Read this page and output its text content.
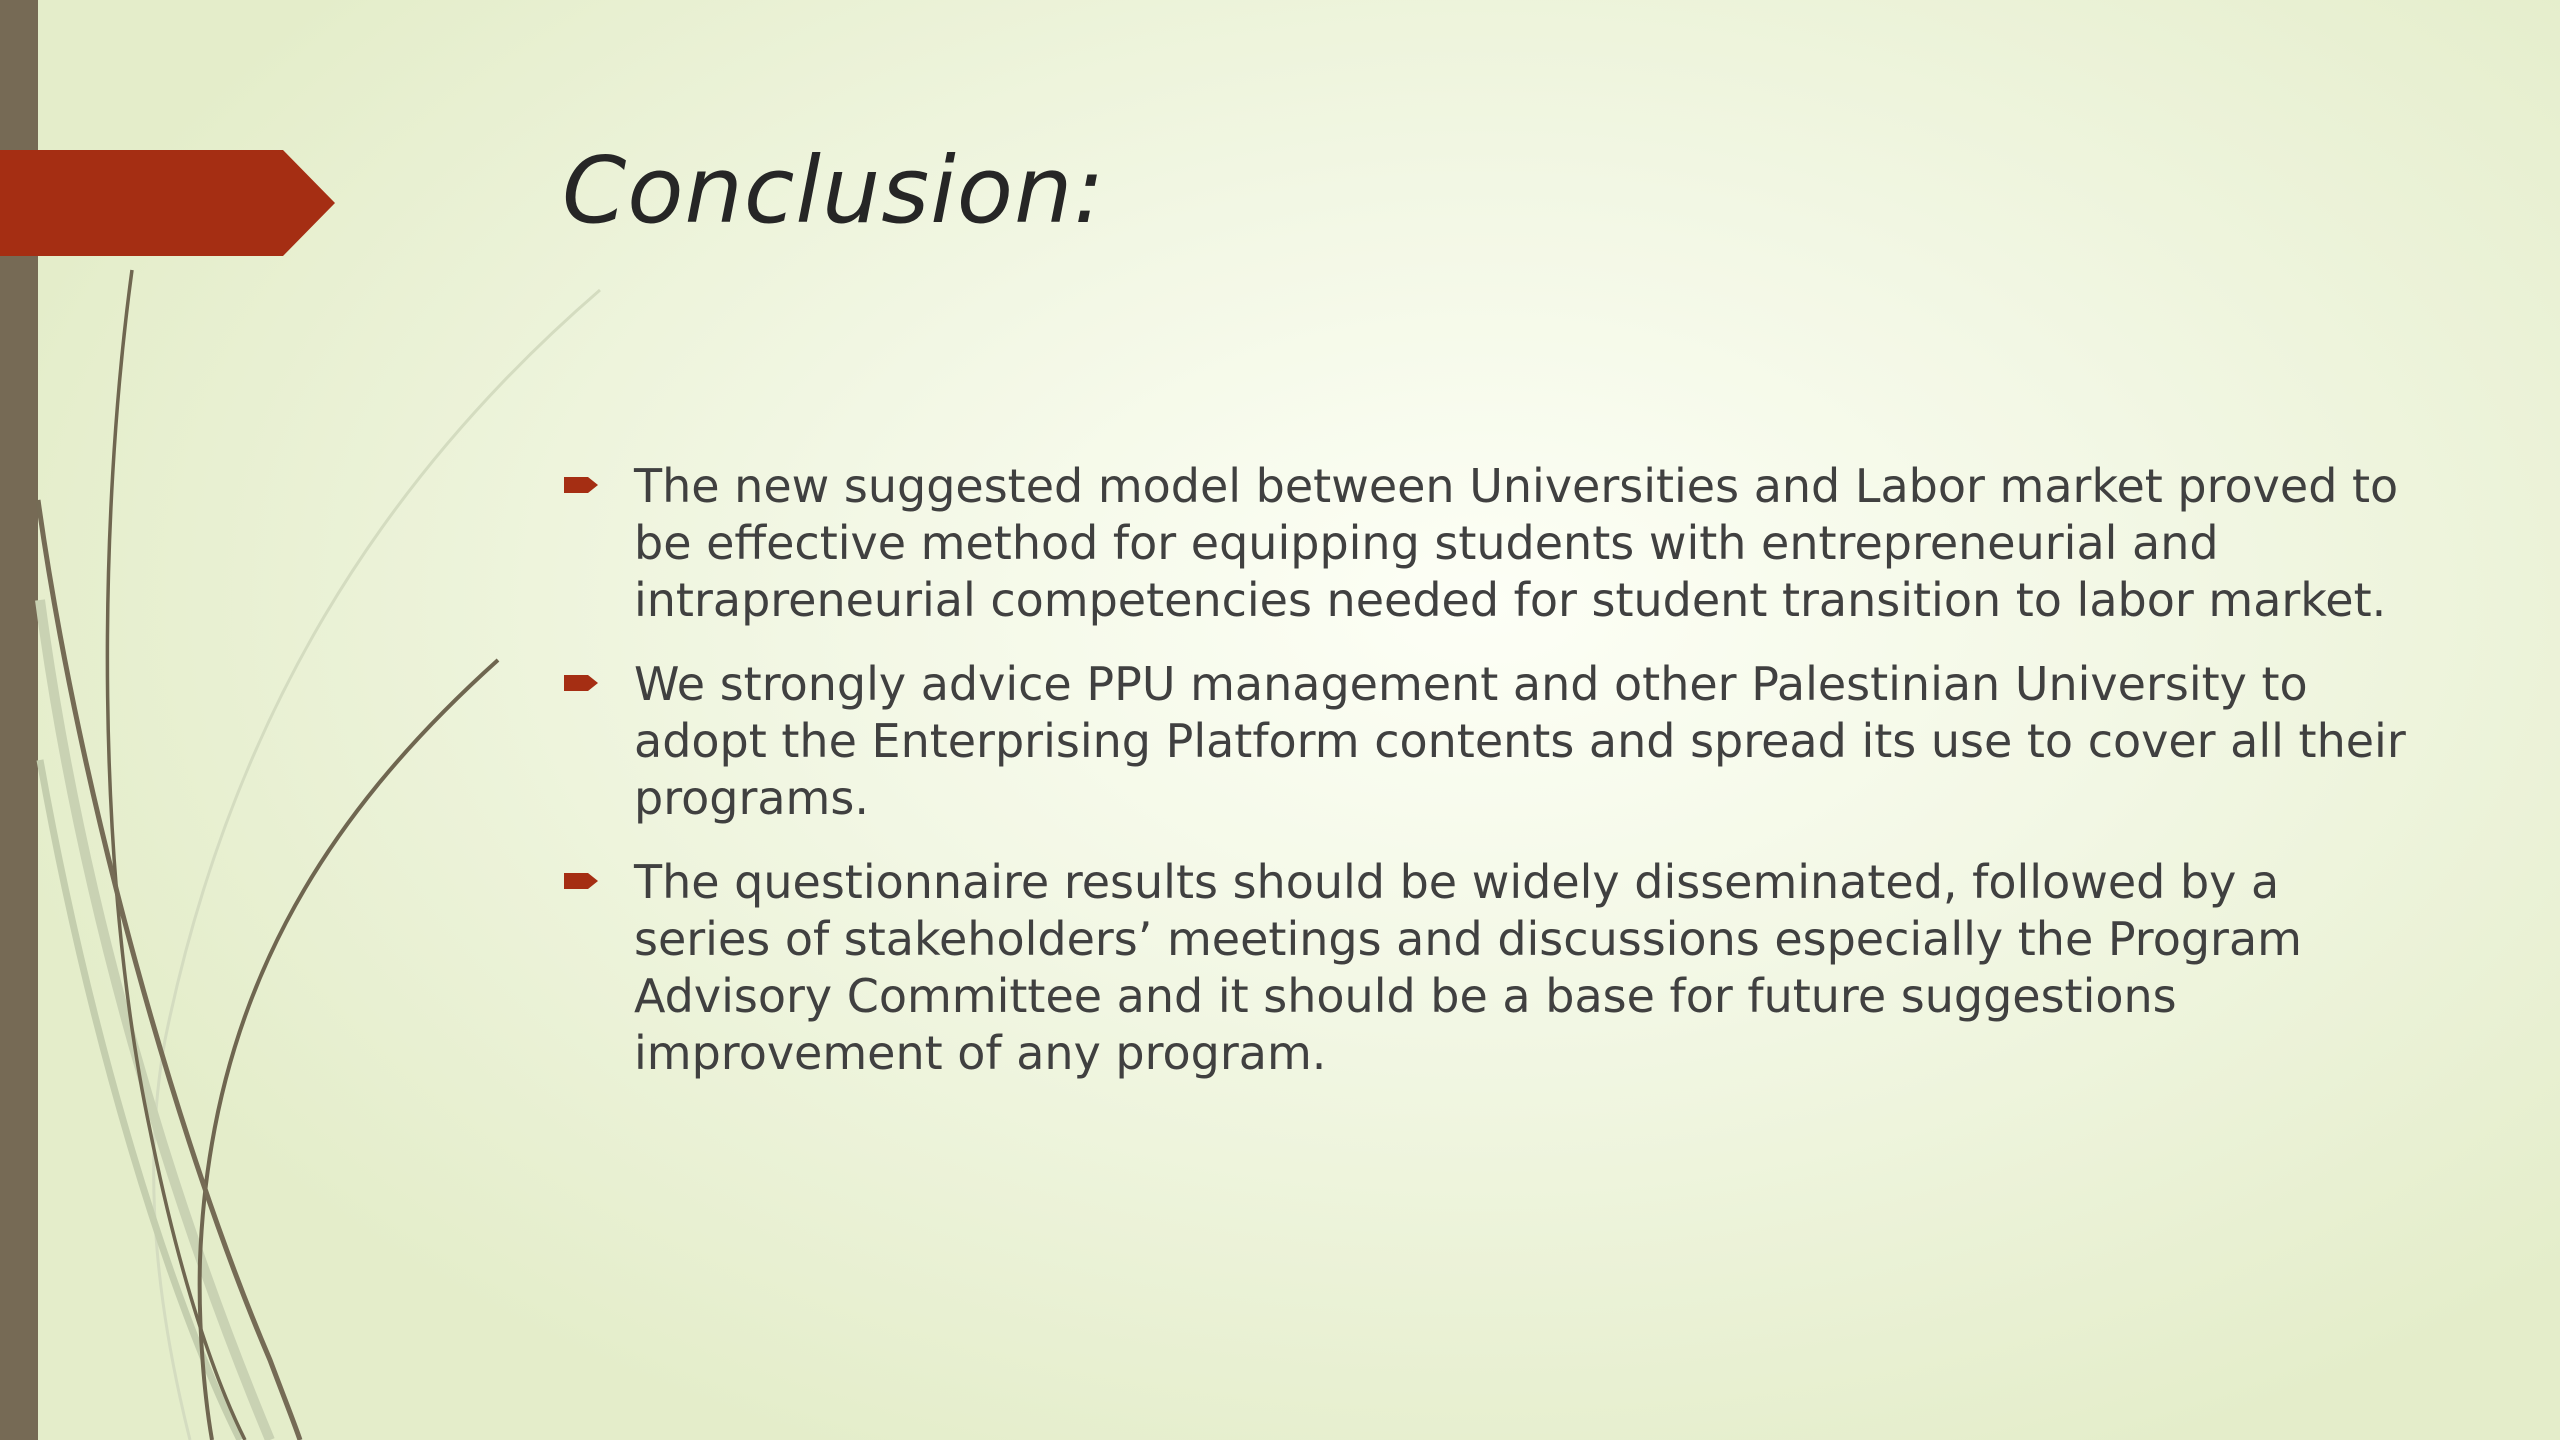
Conclusion:
The new suggested model between Universities and Labor market proved to be effective method for equipping students with entrepreneurial and intrapreneurial competencies needed for student transition to labor market.
We strongly advice PPU management and other Palestinian University to adopt the Enterprising Platform contents and spread its use to cover all their programs.
The questionnaire results should be widely disseminated, followed by a series of stakeholders’ meetings and discussions especially the Program Advisory Committee and it should be a base for future suggestions improvement of any program.
